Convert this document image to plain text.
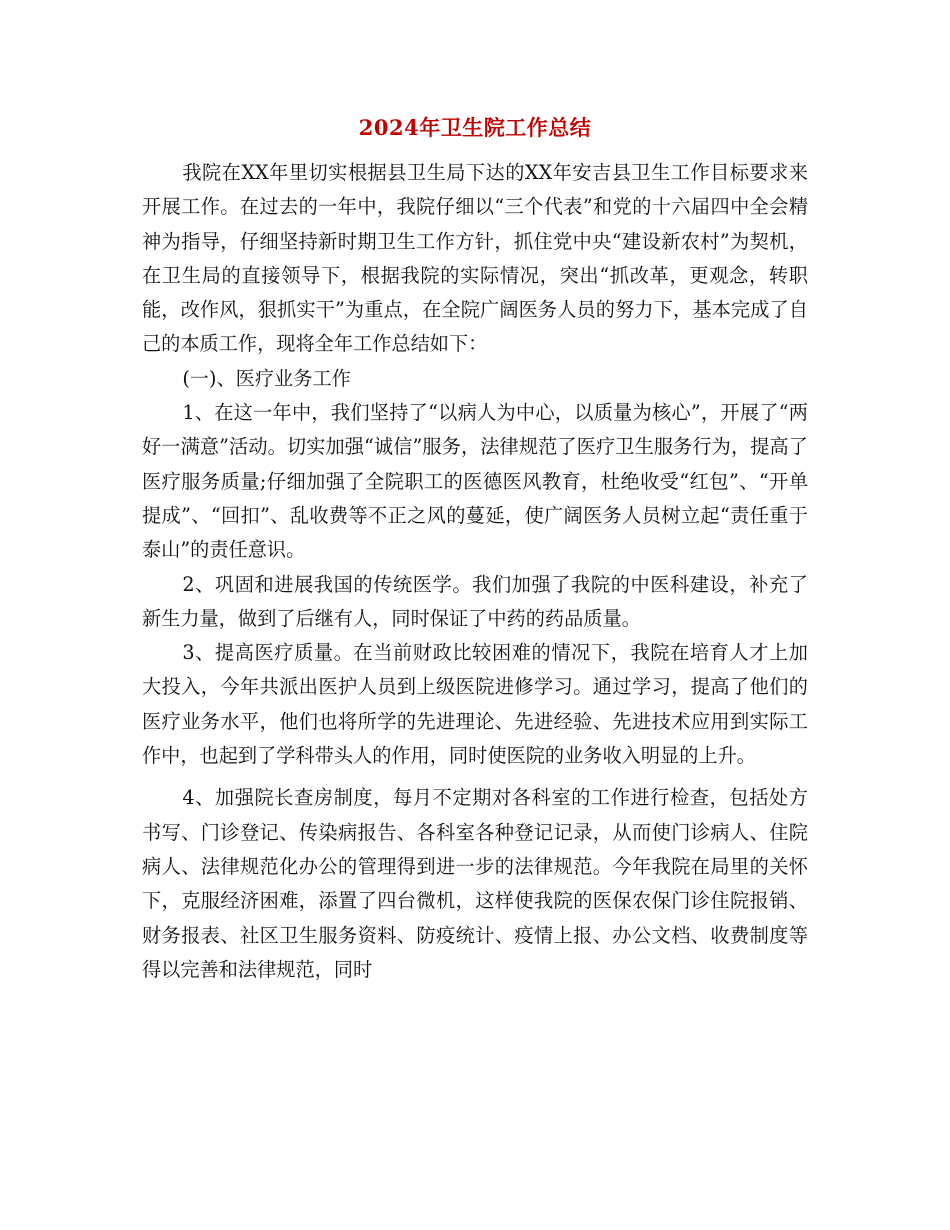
2024年卫生院工作总结

我院在XX年里切实根据县卫生局下达的XX年安吉县卫生工作目标要求来开展工作。在过去的一年中，我院仔细以“三个代表”和党的十六届四中全会精神为指导，仔细坚持新时期卫生工作方针，抓住党中央“建设新农村”为契机，在卫生局的直接领导下，根据我院的实际情况，突出“抓改革，更观念，转职能，改作风，狠抓实干”为重点，在全院广阔医务人员的努力下，基本完成了自己的本质工作，现将全年工作总结如下：

(一)、医疗业务工作

1、在这一年中，我们坚持了“以病人为中心，以质量为核心”，开展了“两好一满意”活动。切实加强“诚信”服务，法律规范了医疗卫生服务行为，提高了医疗服务质量;仔细加强了全院职工的医德医风教育，杜绝收受“红包”、“开单提成”、“回扣”、乱收费等不正之风的蔓延，使广阔医务人员树立起“责任重于泰山”的责任意识。

2、巩固和进展我国的传统医学。我们加强了我院的中医科建设，补充了新生力量，做到了后继有人，同时保证了中药的药品质量。

3、提高医疗质量。在当前财政比较困难的情况下，我院在培育人才上加大投入，今年共派出医护人员到上级医院进修学习。通过学习，提高了他们的医疗业务水平，他们也将所学的先进理论、先进经验、先进技术应用到实际工作中，也起到了学科带头人的作用，同时使医院的业务收入明显的上升。

4、加强院长查房制度，每月不定期对各科室的工作进行检查，包括处方书写、门诊登记、传染病报告、各科室各种登记记录，从而使门诊病人、住院病人、法律规范化办公的管理得到进一步的法律规范。今年我院在局里的关怀下，克服经济困难，添置了四台微机，这样使我院的医保农保门诊住院报销、财务报表、社区卫生服务资料、防疫统计、疫情上报、办公文档、收费制度等得以完善和法律规范，同时
